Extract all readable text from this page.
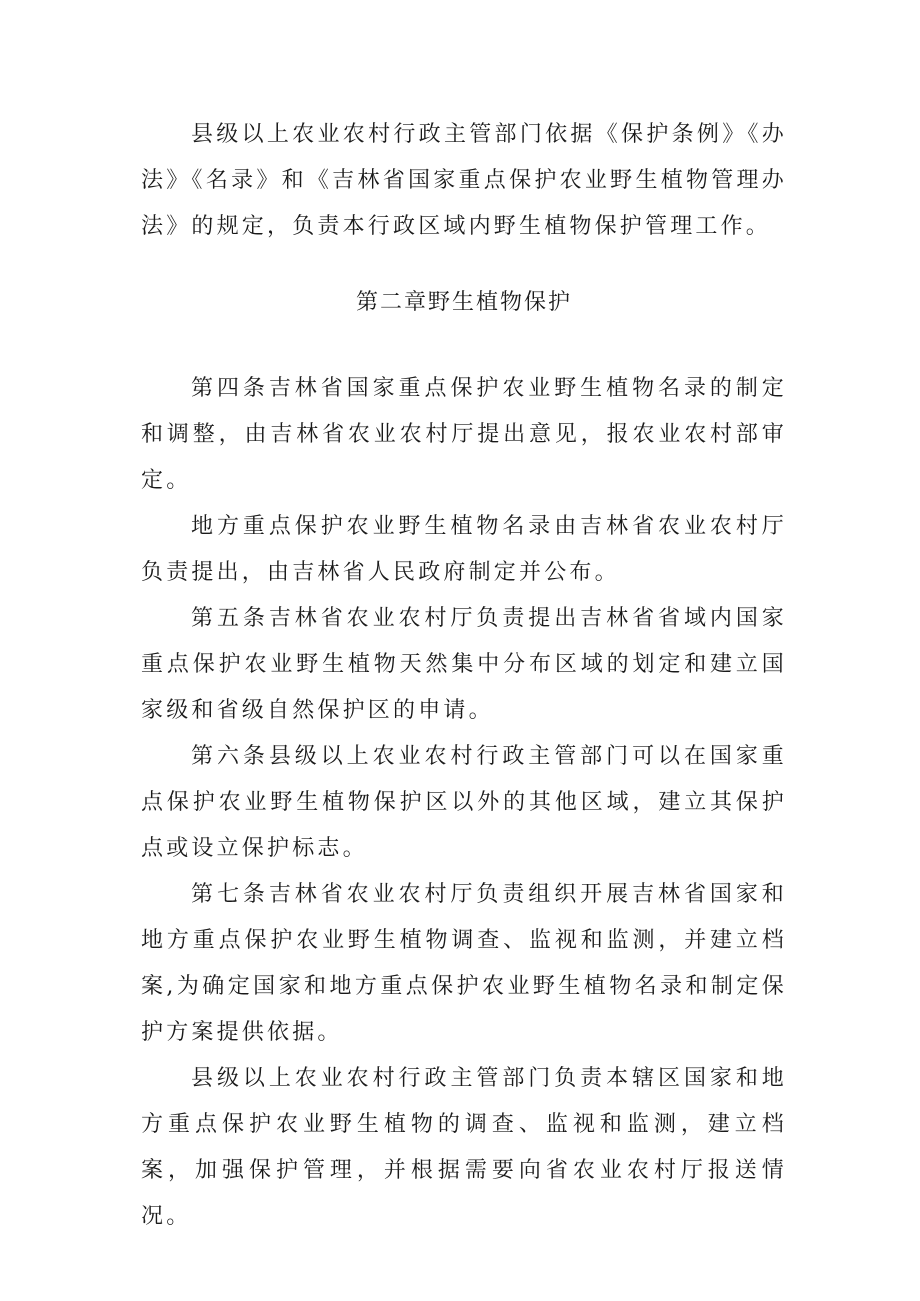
县级以上农业农村行政主管部门依据《保护条例》《办法》《名录》和《吉林省国家重点保护农业野生植物管理办法》的规定，负责本行政区域内野生植物保护管理工作。

第二章野生植物保护

第四条吉林省国家重点保护农业野生植物名录的制定和调整，由吉林省农业农村厅提出意见，报农业农村部审定。

地方重点保护农业野生植物名录由吉林省农业农村厅负责提出，由吉林省人民政府制定并公布。

第五条吉林省农业农村厅负责提出吉林省省域内国家重点保护农业野生植物天然集中分布区域的划定和建立国家级和省级自然保护区的申请。

第六条县级以上农业农村行政主管部门可以在国家重点保护农业野生植物保护区以外的其他区域，建立其保护点或设立保护标志。

第七条吉林省农业农村厅负责组织开展吉林省国家和地方重点保护农业野生植物调查、监视和监测，并建立档案,为确定国家和地方重点保护农业野生植物名录和制定保护方案提供依据。

县级以上农业农村行政主管部门负责本辖区国家和地方重点保护农业野生植物的调查、监视和监测，建立档案，加强保护管理，并根据需要向省农业农村厅报送情况。
